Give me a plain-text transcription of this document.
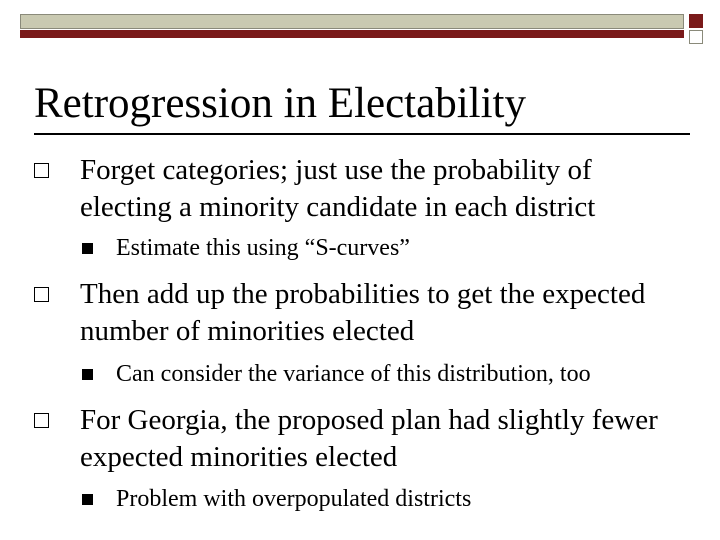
Retrogression in Electability

Forget categories; just use the probability of electing a minority candidate in each district

Estimate this using “S-curves”

Then add up the probabilities to get the expected number of minorities elected

Can consider the variance of this distribution, too

For Georgia, the proposed plan had slightly fewer expected minorities elected

Problem with overpopulated districts
